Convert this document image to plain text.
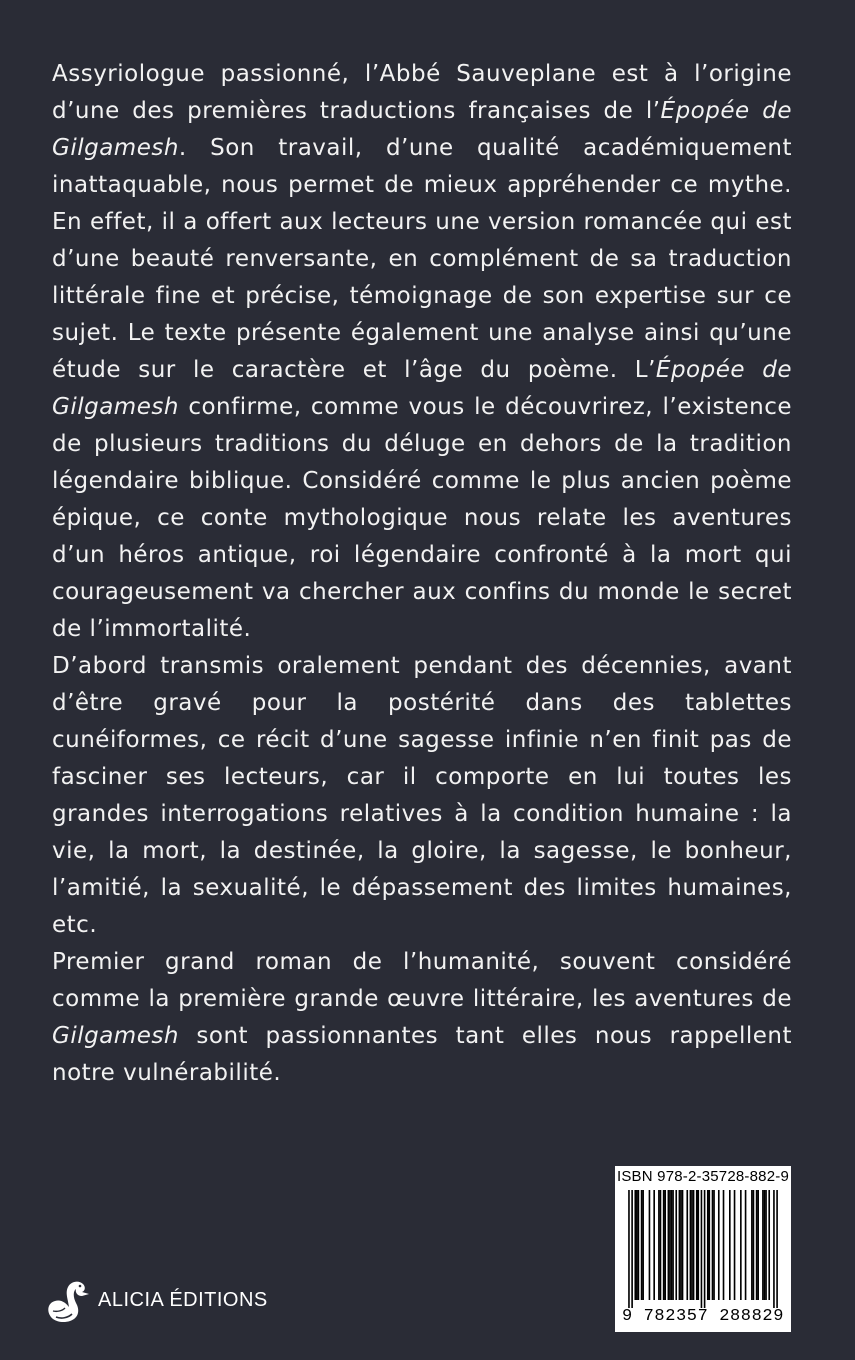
Assyriologue passionné, l’Abbé Sauveplane est à l’origine d’une des premières traductions françaises de l’Épopée de Gilgamesh. Son travail, d’une qualité académiquement inattaquable, nous permet de mieux appréhender ce mythe. En effet, il a offert aux lecteurs une version romancée qui est d’une beauté renversante, en complément de sa traduction littérale fine et précise, témoignage de son expertise sur ce sujet. Le texte présente également une analyse ainsi qu’une étude sur le caractère et l’âge du poème. L’Épopée de Gilgamesh confirme, comme vous le découvrirez, l’existence de plusieurs traditions du déluge en dehors de la tradition légendaire biblique. Considéré comme le plus ancien poème épique, ce conte mythologique nous relate les aventures d’un héros antique, roi légendaire confronté à la mort qui courageusement va chercher aux confins du monde le secret de l’immortalité.

D’abord transmis oralement pendant des décennies, avant d’être gravé pour la postérité dans des tablettes cunéiformes, ce récit d’une sagesse infinie n’en finit pas de fasciner ses lecteurs, car il comporte en lui toutes les grandes interrogations relatives à la condition humaine : la vie, la mort, la destinée, la gloire, la sagesse, le bonheur, l’amitié, la sexualité, le dépassement des limites humaines, etc.

Premier grand roman de l’humanité, souvent considéré comme la première grande œuvre littéraire, les aventures de Gilgamesh sont passionnantes tant elles nous rappellent notre vulnérabilité.

ALICIA ÉDITIONS
ISBN 978-2-35728-882-9
9 782357 288829
